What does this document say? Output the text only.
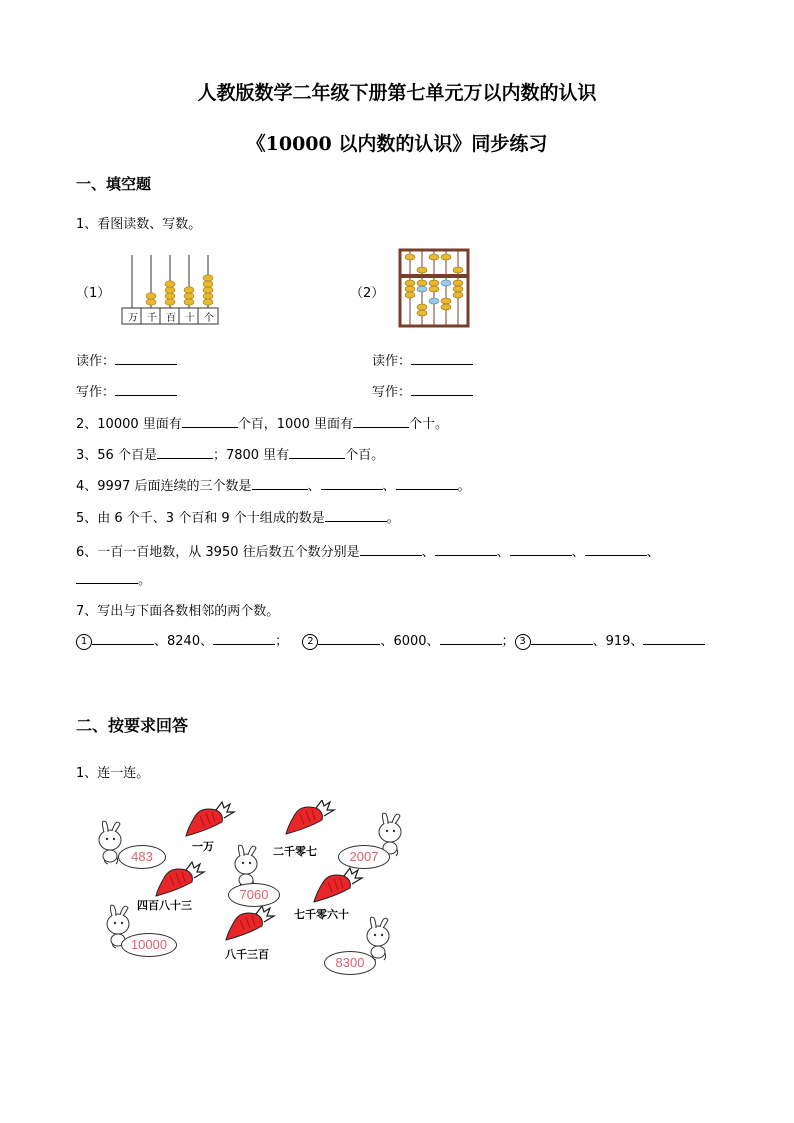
人教版数学二年级下册第七单元万以内数的认识
《10000 以内数的认识》同步练习
一、填空题
1、看图读数、写数。
（1）	（2）
万 千 百 十 个
读作：	读作：
写作：	写作：
2、10000 里面有	个百，1000 里面有	个十。
3、56 个百是	；7800 里有	个百。
4、9997 后面连续的三个数是	、	、	。
5、由 6 个千、3 个百和 9 个十组成的数是	。
6、一百一百地数，从 3950 往后数五个数分别是	、	、	、	、
。
7、写出与下面各数相邻的两个数。
1	、8240、	； 2	、6000、	； 3	、919、
二、按要求回答
1、连一连。
483	2007
7060
10000
8300
一万	二千零七
四百八十三
七千零六十
八千三百
